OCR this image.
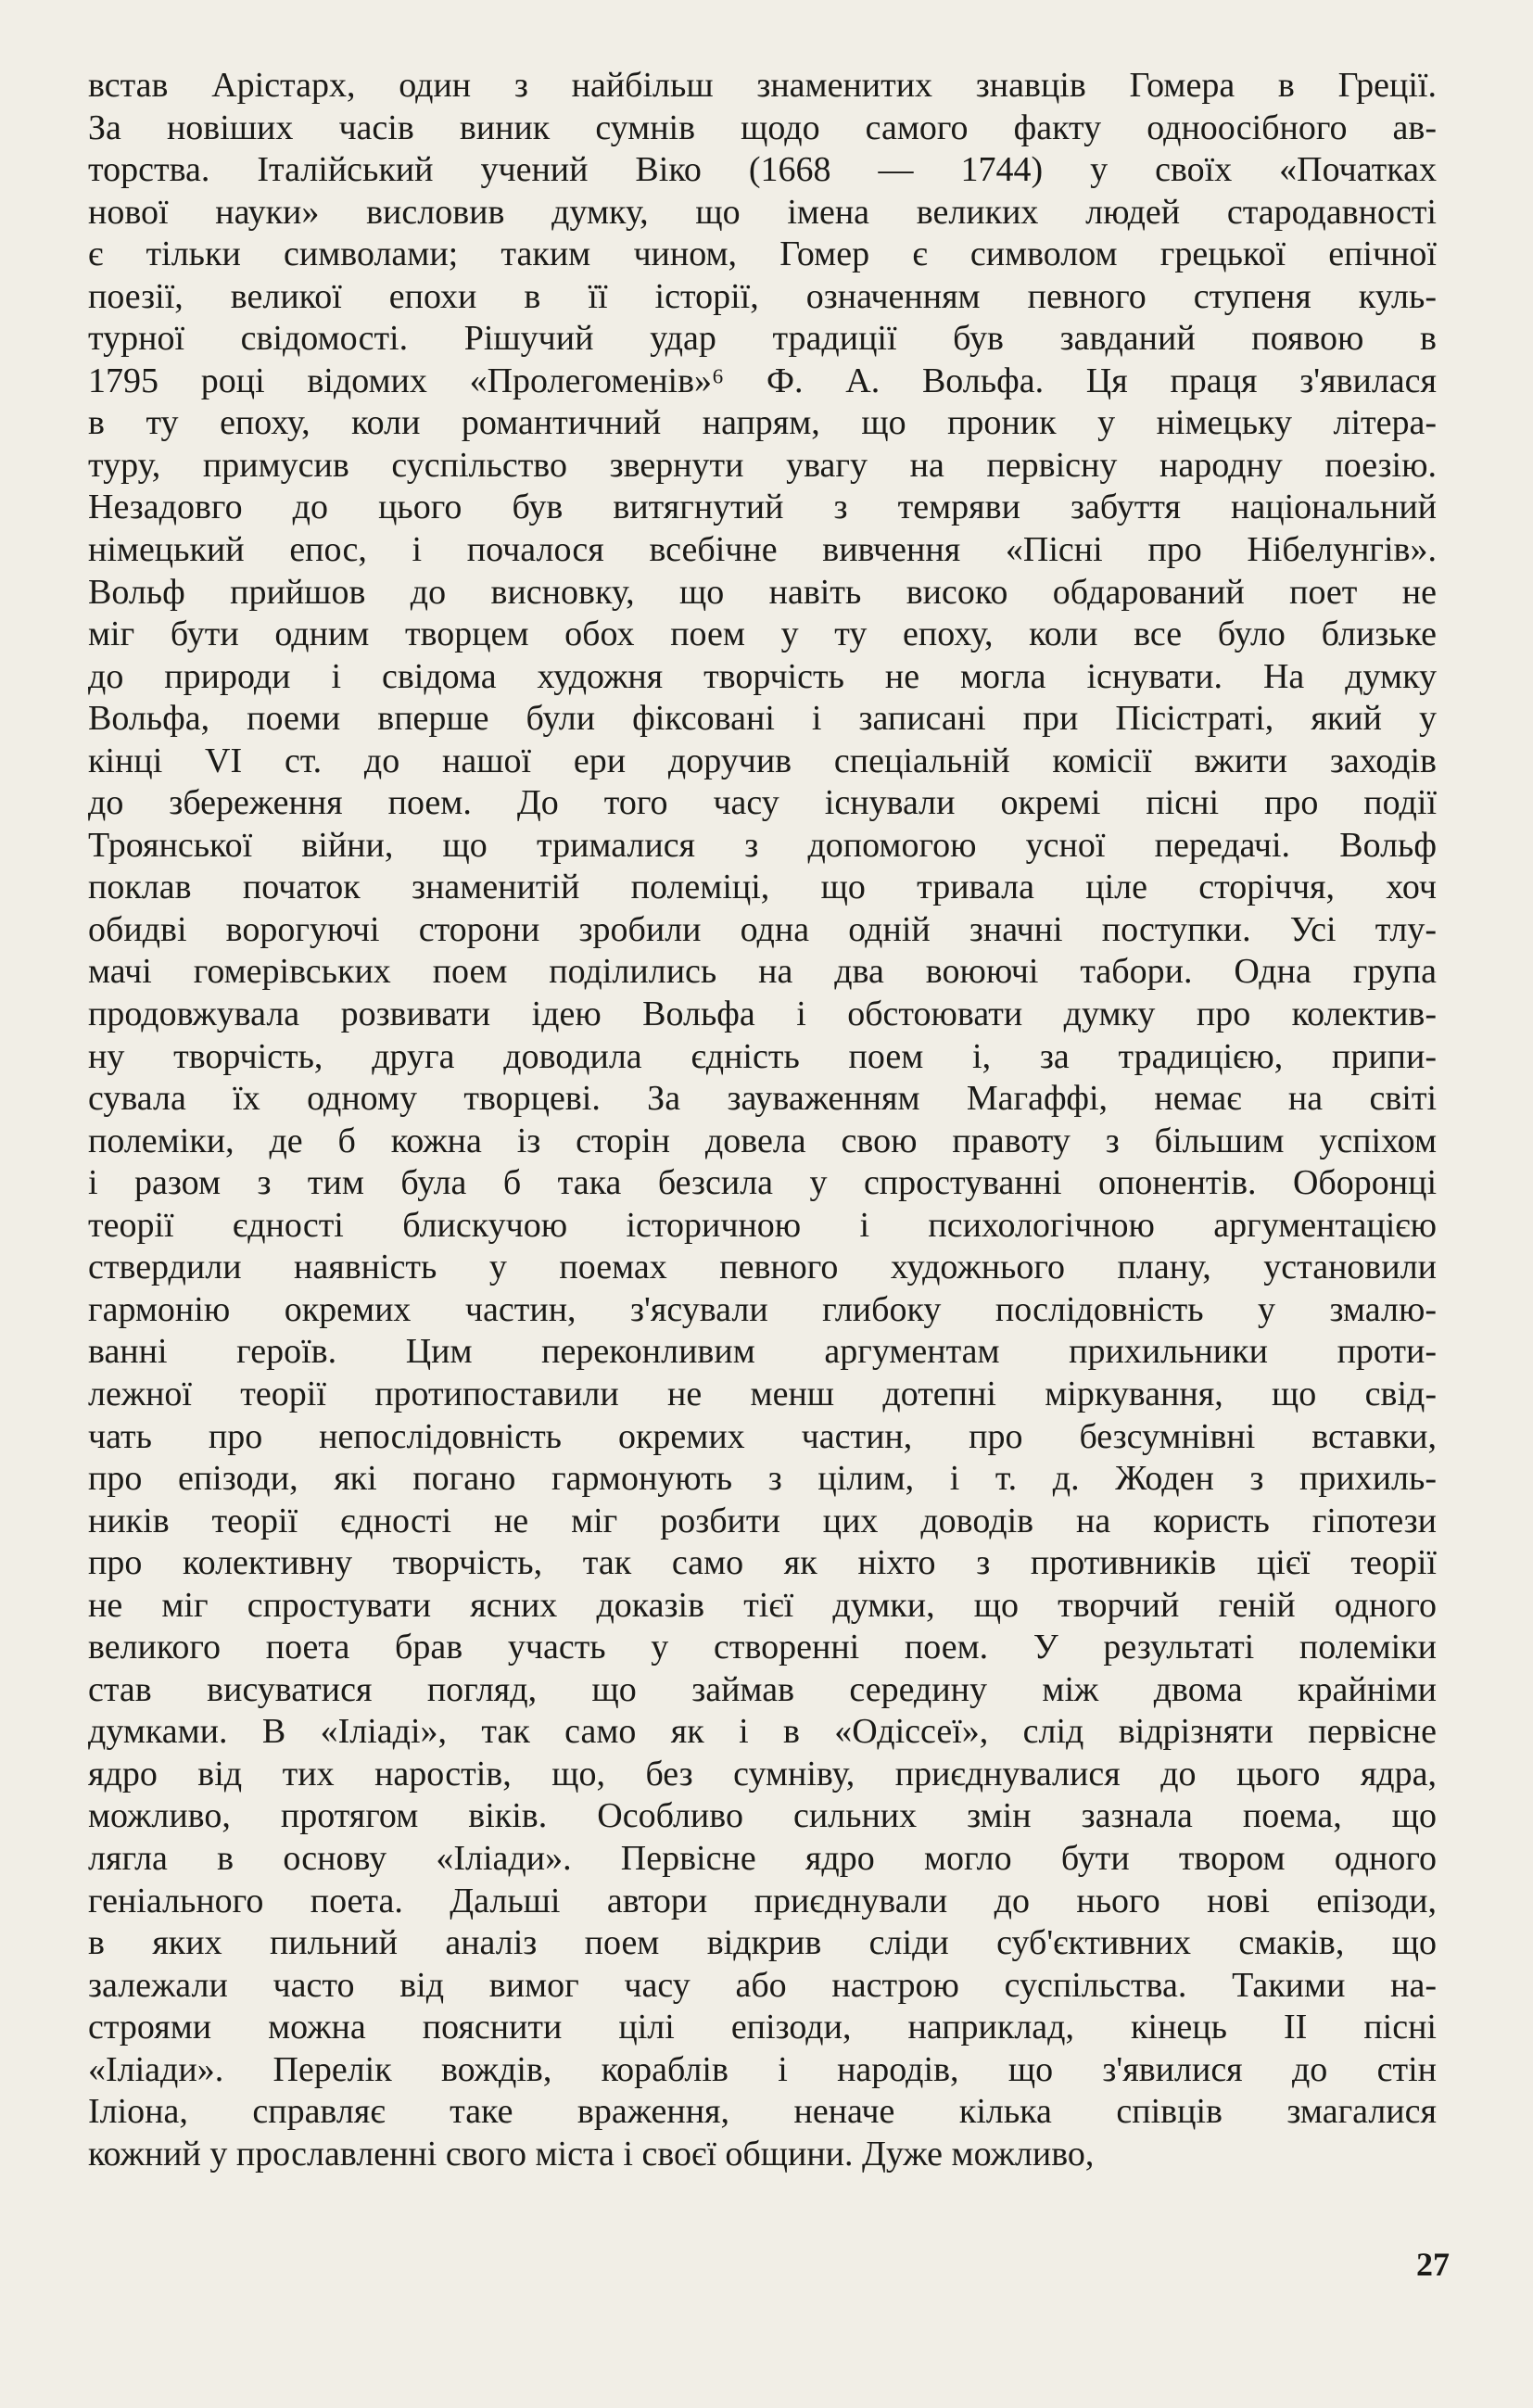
встав Арістарх, один з найбільш знаменитих знавців Гомера в Греції.
За новіших часів виник сумнів щодо самого факту одноосібного ав-
торства. Італійський учений Віко (1668 — 1744) у своїх «Початках
нової науки» висловив думку, що імена великих людей стародавності
є тільки символами; таким чином, Гомер є символом грецької епічної
поезії, великої епохи в її історії, означенням певного ступеня куль-
турної свідомості. Рішучий удар традиції був завданий появою в
1795 році відомих «Пролегоменів»⁶ Ф. А. Вольфа. Ця праця з'явилася
в ту епоху, коли романтичний напрям, що проник у німецьку літера-
туру, примусив суспільство звернути увагу на первісну народну поезію.
Незадовго до цього був витягнутий з темряви забуття національний
німецький епос, і почалося всебічне вивчення «Пісні про Нібелунгів».
Вольф прийшов до висновку, що навіть високо обдарований поет не
міг бути одним творцем обох поем у ту епоху, коли все було близьке
до природи і свідома художня творчість не могла існувати. На думку
Вольфа, поеми вперше були фіксовані і записані при Пісістраті, який у
кінці VI ст. до нашої ери доручив спеціальній комісії вжити заходів
до збереження поем. До того часу існували окремі пісні про події
Троянської війни, що трималися з допомогою усної передачі. Вольф
поклав початок знаменитій полеміці, що тривала ціле сторіччя, хоч
обидві ворогуючі сторони зробили одна одній значні поступки. Усі тлу-
мачі гомерівських поем поділились на два воюючі табори. Одна група
продовжувала розвивати ідею Вольфа і обстоювати думку про колектив-
ну творчість, друга доводила єдність поем і, за традицією, припи-
сувала їх одному творцеві. За зауваженням Магаффі, немає на світі
полеміки, де б кожна із сторін довела свою правоту з більшим успіхом
і разом з тим була б така безсила у спростуванні опонентів. Оборонці
теорії єдності блискучою історичною і психологічною аргументацією
ствердили наявність у поемах певного художнього плану, установили
гармонію окремих частин, з'ясували глибоку послідовність у змалю-
ванні героїв. Цим переконливим аргументам прихильники проти-
лежної теорії протипоставили не менш дотепні міркування, що свід-
чать про непослідовність окремих частин, про безсумнівні вставки,
про епізоди, які погано гармонують з цілим, і т. д. Жоден з прихиль-
ників теорії єдності не міг розбити цих доводів на користь гіпотези
про колективну творчість, так само як ніхто з противників цієї теорії
не міг спростувати ясних доказів тієї думки, що творчий геній одного
великого поета брав участь у створенні поем. У результаті полеміки
став висуватися погляд, що займав середину між двома крайніми
думками. В «Іліаді», так само як і в «Одіссеї», слід відрізняти первісне
ядро від тих наростів, що, без сумніву, приєднувалися до цього ядра,
можливо, протягом віків. Особливо сильних змін зазнала поема, що
лягла в основу «Іліади». Первісне ядро могло бути твором одного
геніального поета. Дальші автори приєднували до нього нові епізоди,
в яких пильний аналіз поем відкрив сліди суб'єктивних смаків, що
залежали часто від вимог часу або настрою суспільства. Такими на-
строями можна пояснити цілі епізоди, наприклад, кінець II пісні
«Іліади». Перелік вождів, кораблів і народів, що з'явилися до стін
Іліона, справляє таке враження, неначе кілька співців змагалися
кожний у прославленні свого міста і своєї общини. Дуже можливо,
27
